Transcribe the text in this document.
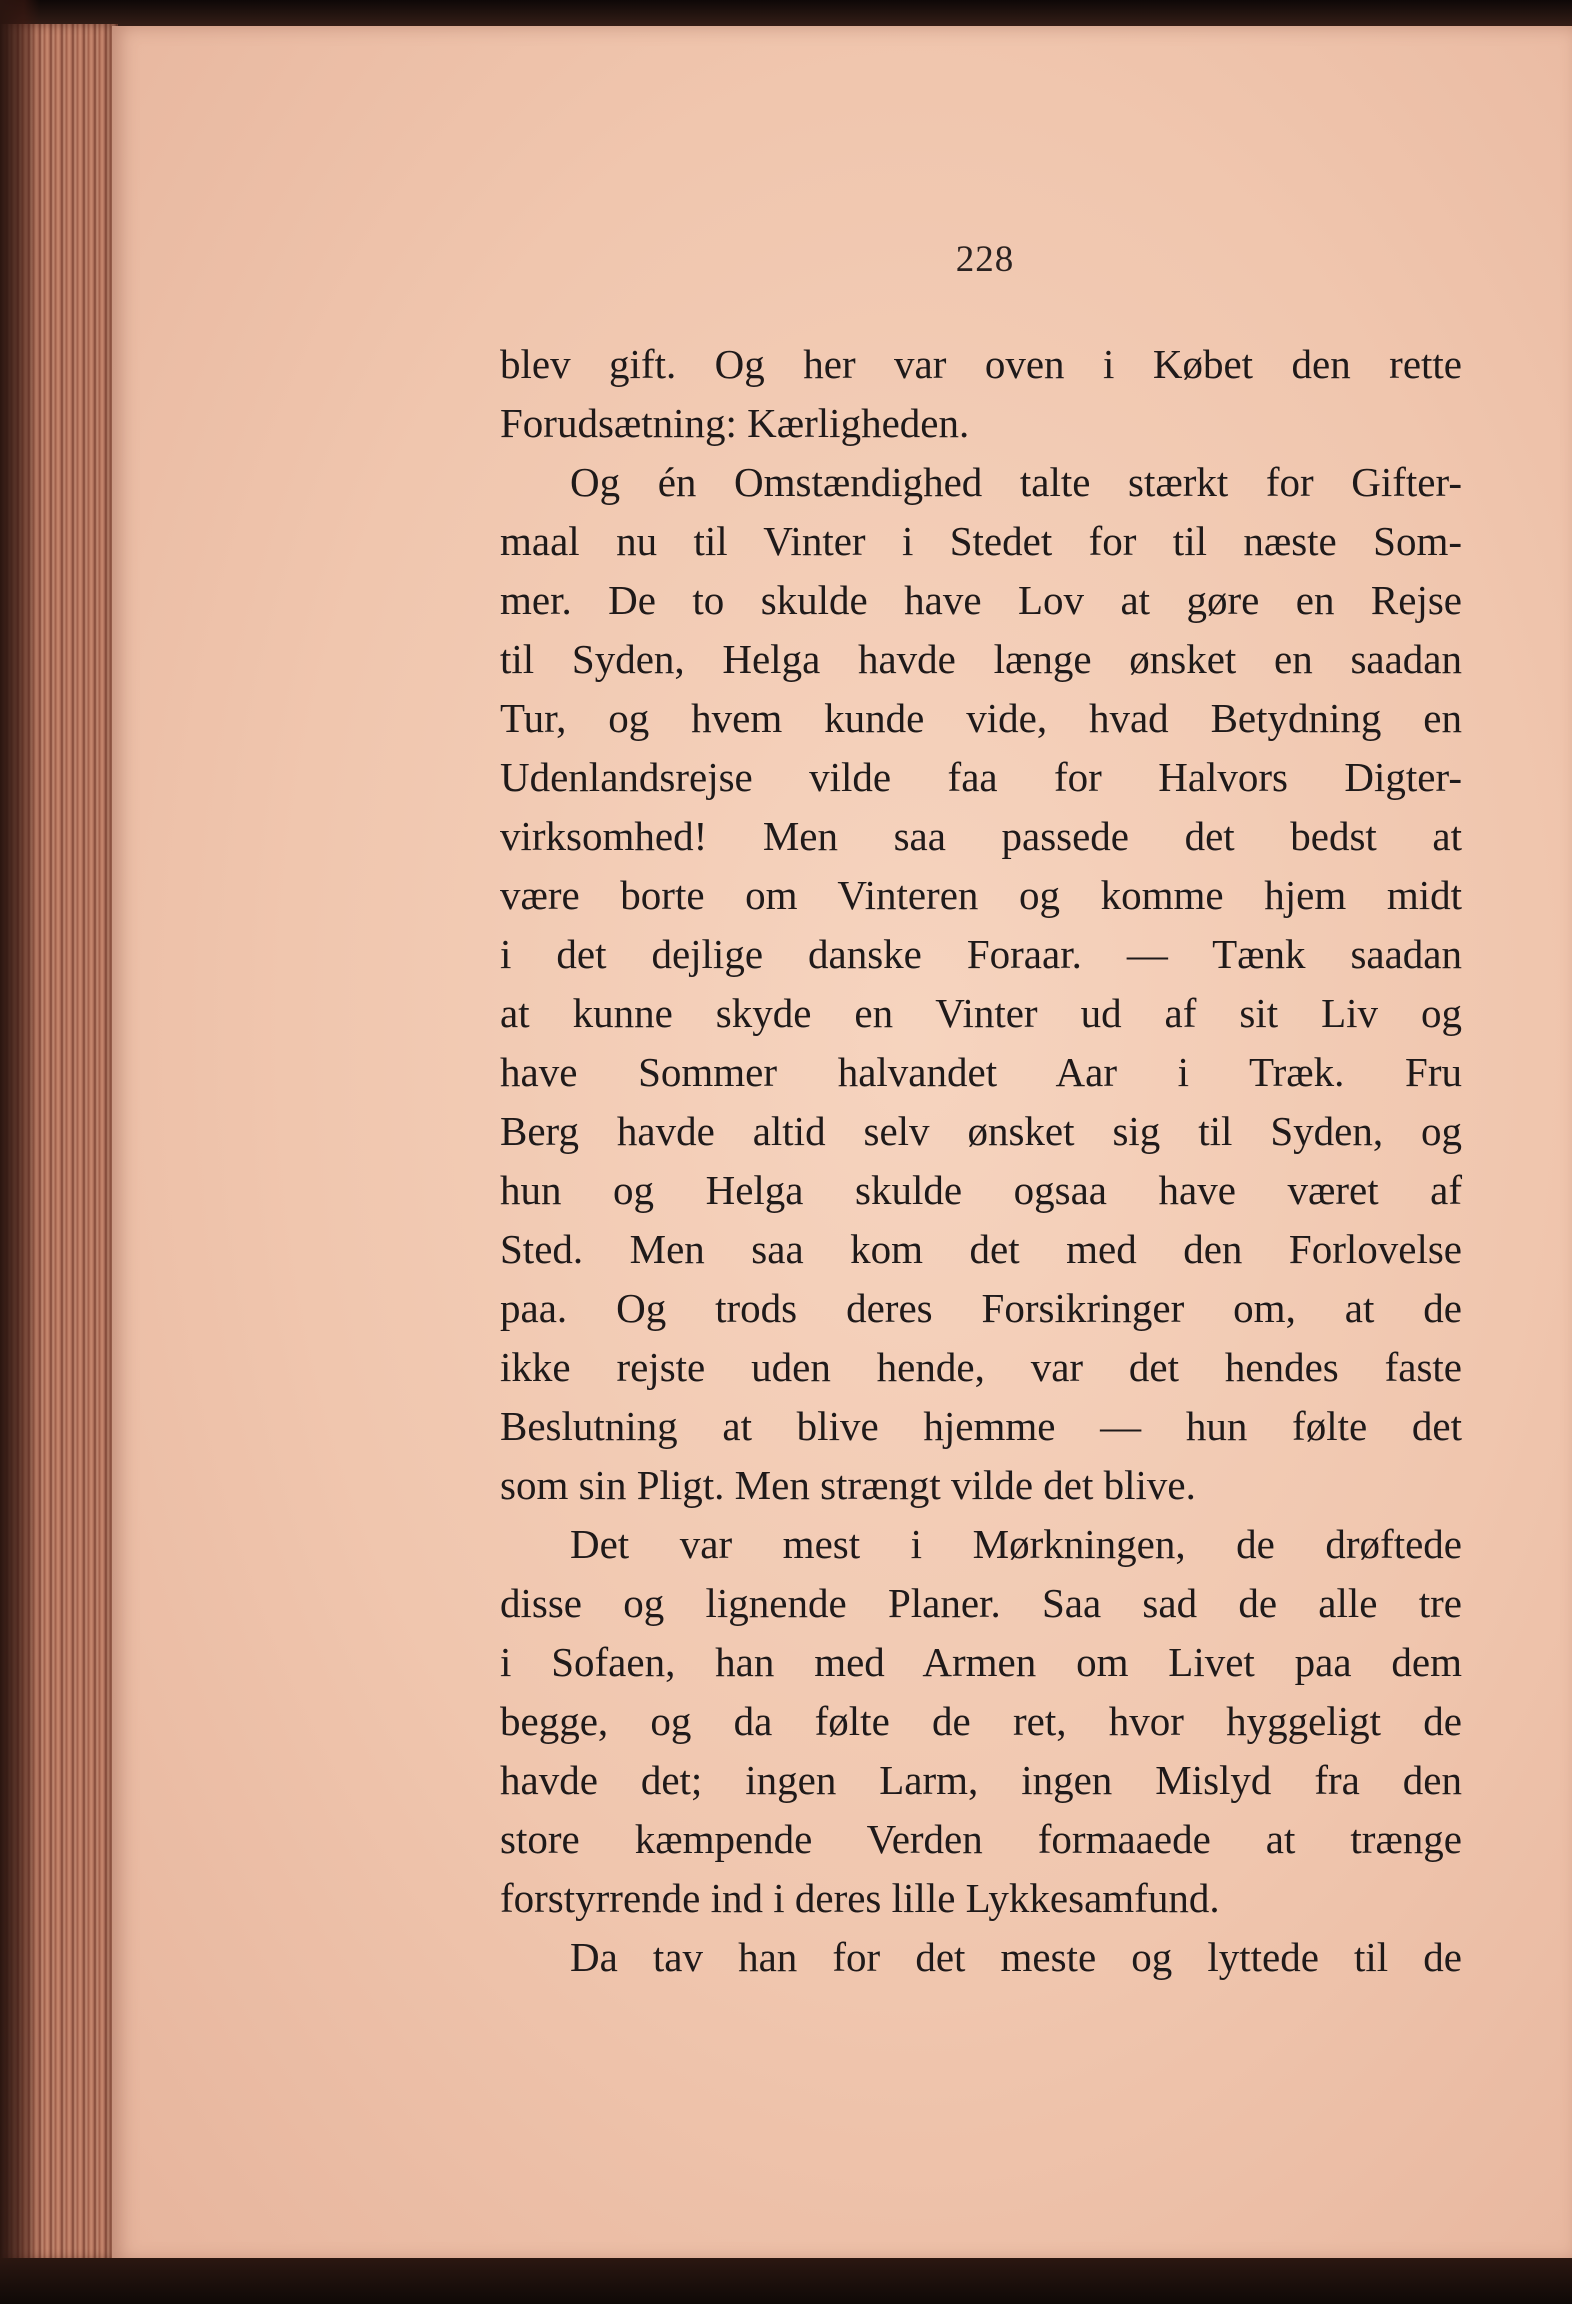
228
blev gift. Og her var oven i Købet den rette
Forudsætning: Kærligheden.
Og én Omstændighed talte stærkt for Gifter-
maal nu til Vinter i Stedet for til næste Som-
mer. De to skulde have Lov at gøre en Rejse
til Syden, Helga havde længe ønsket en saadan
Tur, og hvem kunde vide, hvad Betydning en
Udenlandsrejse vilde faa for Halvors Digter-
virksomhed! Men saa passede det bedst at
være borte om Vinteren og komme hjem midt
i det dejlige danske Foraar. — Tænk saadan
at kunne skyde en Vinter ud af sit Liv og
have Sommer halvandet Aar i Træk. Fru
Berg havde altid selv ønsket sig til Syden, og
hun og Helga skulde ogsaa have været af
Sted. Men saa kom det med den Forlovelse
paa. Og trods deres Forsikringer om, at de
ikke rejste uden hende, var det hendes faste
Beslutning at blive hjemme — hun følte det
som sin Pligt. Men strængt vilde det blive.
Det var mest i Mørkningen, de drøftede
disse og lignende Planer. Saa sad de alle tre
i Sofaen, han med Armen om Livet paa dem
begge, og da følte de ret, hvor hyggeligt de
havde det; ingen Larm, ingen Mislyd fra den
store kæmpende Verden formaaede at trænge
forstyrrende ind i deres lille Lykkesamfund.
Da tav han for det meste og lyttede til de
